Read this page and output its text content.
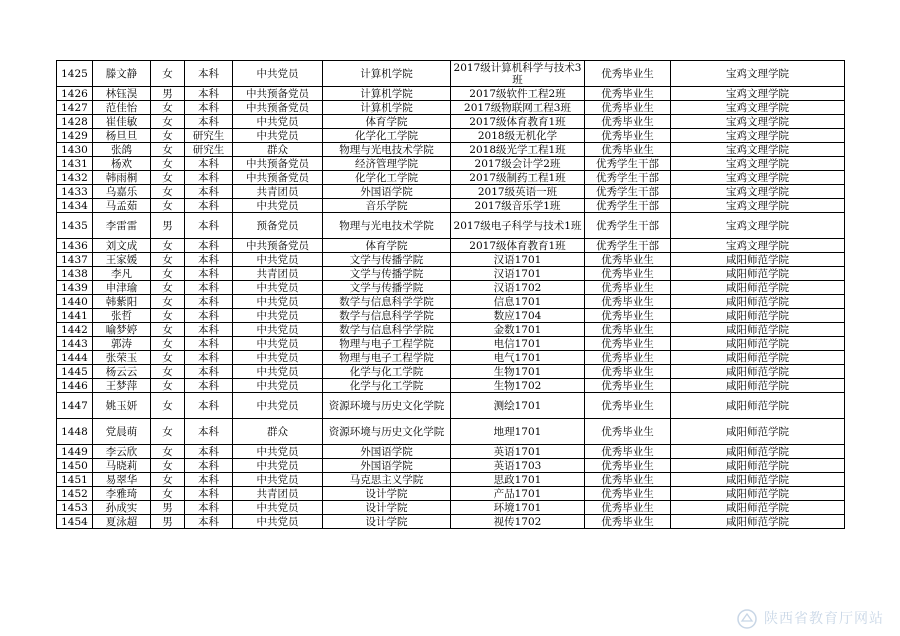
1425	滕文静	女	本科	中共党员	计算机学院	2017级计算机科学与技术3班	优秀毕业生	宝鸡文理学院

1426	林钰淏	男	本科	中共预备党员	计算机学院	2017级软件工程2班	优秀毕业生	宝鸡文理学院

1427	范佳怡	女	本科	中共预备党员	计算机学院	2017级物联网工程3班	优秀毕业生	宝鸡文理学院

1428	崔佳敏	女	本科	中共党员	体育学院	2017级体育教育1班	优秀毕业生	宝鸡文理学院

1429	杨旦旦	女	研究生	中共党员	化学化工学院	2018级无机化学	优秀毕业生	宝鸡文理学院

1430	张鸽	女	研究生	群众	物理与光电技术学院	2018级光学工程1班	优秀毕业生	宝鸡文理学院

1431	杨欢	女	本科	中共预备党员	经济管理学院	2017级会计学2班	优秀学生干部	宝鸡文理学院

1432	韩雨桐	女	本科	中共预备党员	化学化工学院	2017级制药工程1班	优秀学生干部	宝鸡文理学院

1433	乌嘉乐	女	本科	共青团员	外国语学院	2017级英语一班	优秀学生干部	宝鸡文理学院

1434	马孟茹	女	本科	中共党员	音乐学院	2017级音乐学1班	优秀学生干部	宝鸡文理学院

1435	李雷雷	男	本科	预备党员	物理与光电技术学院	2017级电子科学与技术1班	优秀学生干部	宝鸡文理学院

1436	刘文成	女	本科	中共预备党员	体育学院	2017级体育教育1班	优秀学生干部	宝鸡文理学院

1437	王家媛	女	本科	中共党员	文学与传播学院	汉语1701	优秀毕业生	咸阳师范学院

1438	李凡	女	本科	共青团员	文学与传播学院	汉语1701	优秀毕业生	咸阳师范学院

1439	申津瑜	女	本科	中共党员	文学与传播学院	汉语1702	优秀毕业生	咸阳师范学院

1440	韩紫阳	女	本科	中共党员	数学与信息科学学院	信息1701	优秀毕业生	咸阳师范学院

1441	张哲	女	本科	中共党员	数学与信息科学学院	数应1704	优秀毕业生	咸阳师范学院

1442	喻梦婷	女	本科	中共党员	数学与信息科学学院	金数1701	优秀毕业生	咸阳师范学院

1443	郭涛	女	本科	中共党员	物理与电子工程学院	电信1701	优秀毕业生	咸阳师范学院

1444	张荣玉	女	本科	中共党员	物理与电子工程学院	电气1701	优秀毕业生	咸阳师范学院

1445	杨云云	女	本科	中共党员	化学与化工学院	生物1701	优秀毕业生	咸阳师范学院

1446	王梦萍	女	本科	中共党员	化学与化工学院	生物1702	优秀毕业生	咸阳师范学院

1447	姚玉妍	女	本科	中共党员	资源环境与历史文化学院	测绘1701	优秀毕业生	咸阳师范学院

1448	党晨萌	女	本科	群众	资源环境与历史文化学院	地理1701	优秀毕业生	咸阳师范学院

1449	李云欣	女	本科	中共党员	外国语学院	英语1701	优秀毕业生	咸阳师范学院

1450	马晓莉	女	本科	中共党员	外国语学院	英语1703	优秀毕业生	咸阳师范学院

1451	易翠华	女	本科	中共党员	马克思主义学院	思政1701	优秀毕业生	咸阳师范学院

1452	李雅琦	女	本科	共青团员	设计学院	产品1701	优秀毕业生	咸阳师范学院

1453	孙成实	男	本科	中共党员	设计学院	环境1701	优秀毕业生	咸阳师范学院

1454	夏泳超	男	本科	中共党员	设计学院	视传1702	优秀毕业生	咸阳师范学院
陕西省教育厅网站
